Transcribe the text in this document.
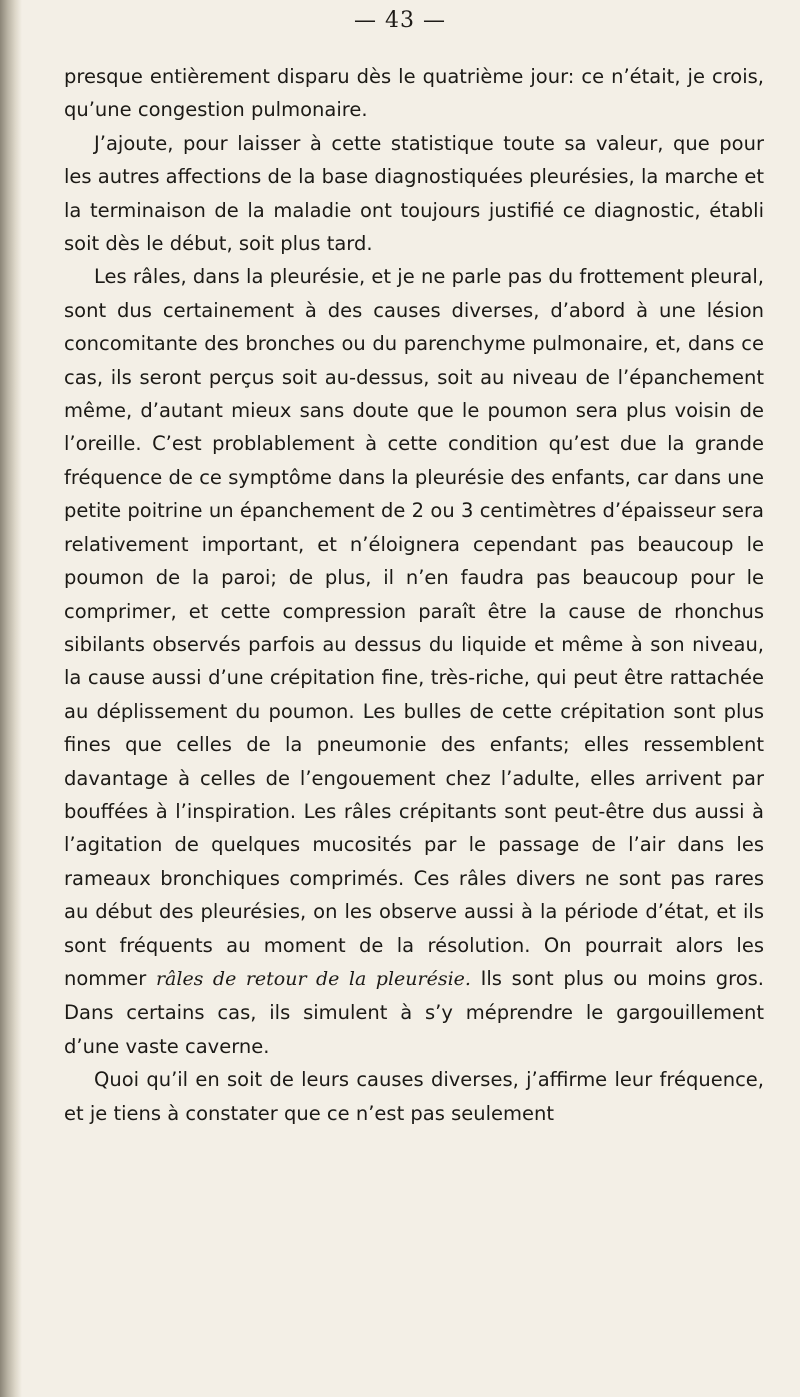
— 43 —

presque entièrement disparu dès le quatrième jour: ce n’était, je crois, qu’une congestion pulmonaire.

J’ajoute, pour laisser à cette statistique toute sa valeur, que pour les autres affections de la base diagnostiquées pleurésies, la marche et la terminaison de la maladie ont toujours justifié ce diagnostic, établi soit dès le début, soit plus tard.

Les râles, dans la pleurésie, et je ne parle pas du frottement pleural, sont dus certainement à des causes diverses, d’abord à une lésion concomitante des bronches ou du parenchyme pulmonaire, et, dans ce cas, ils seront perçus soit au-dessus, soit au niveau de l’épanchement même, d’autant mieux sans doute que le poumon sera plus voisin de l’oreille. C’est problablement à cette condition qu’est due la grande fréquence de ce symptôme dans la pleurésie des enfants, car dans une petite poitrine un épanchement de 2 ou 3 centimètres d’épaisseur sera relativement important, et n’éloignera cependant pas beaucoup le poumon de la paroi; de plus, il n’en faudra pas beaucoup pour le comprimer, et cette compression paraît être la cause de rhonchus sibilants observés parfois au dessus du liquide et même à son niveau, la cause aussi d’une crépitation fine, très-riche, qui peut être rattachée au déplissement du poumon. Les bulles de cette crépitation sont plus fines que celles de la pneumonie des enfants; elles ressemblent davantage à celles de l’engouement chez l’adulte, elles arrivent par bouffées à l’inspiration. Les râles crépitants sont peut-être dus aussi à l’agitation de quelques mucosités par le passage de l’air dans les rameaux bronchiques comprimés. Ces râles divers ne sont pas rares au début des pleurésies, on les observe aussi à la période d’état, et ils sont fréquents au moment de la résolution. On pourrait alors les nommer râles de retour de la pleurésie. Ils sont plus ou moins gros. Dans certains cas, ils simulent à s’y méprendre le gargouillement d’une vaste caverne.

Quoi qu’il en soit de leurs causes diverses, j’affirme leur fréquence, et je tiens à constater que ce n’est pas seulement
